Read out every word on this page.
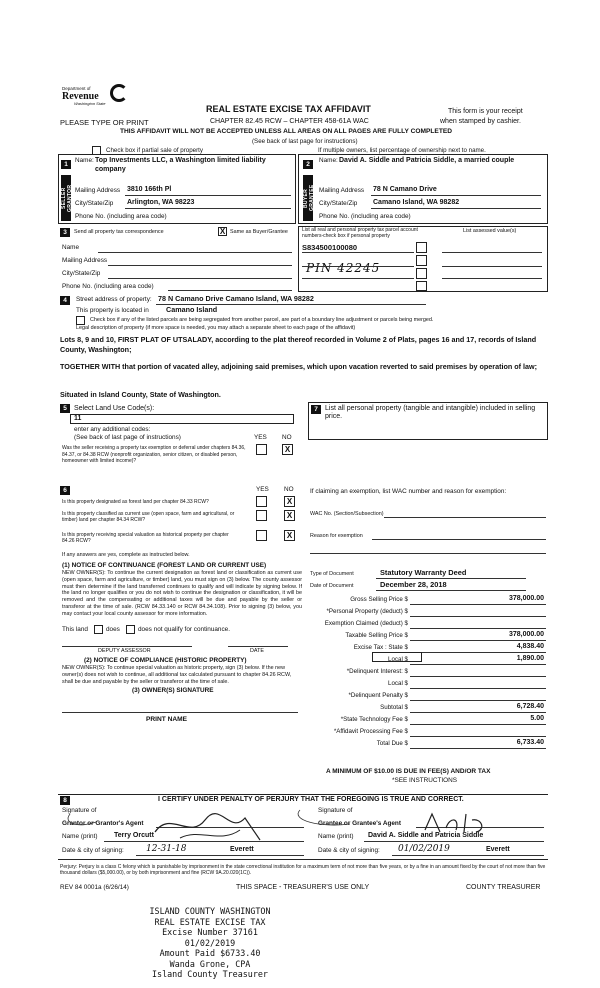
Department of
Revenue
Washington State
PLEASE TYPE OR PRINT
REAL ESTATE EXCISE TAX AFFIDAVIT
CHAPTER 82.45 RCW – CHAPTER 458-61A WAC
This form is your receipt
when stamped by cashier.
THIS AFFIDAVIT WILL NOT BE ACCEPTED UNLESS ALL AREAS ON ALL PAGES ARE FULLY COMPLETED
(See back of last page for instructions)
Check box if partial sale of property	If multiple owners, list percentage of ownership next to name.
1
SELLER GRANTOR
Name: Top Investments LLC, a Washington limited liability company
Mailing Address 3810 166th Pl
City/State/Zip Arlington, WA 98223
Phone No. (including area code)
2
BUYER GRANTEE
Name: David A. Siddle and Patricia Siddle, a married couple
Mailing Address 78 N Camano Drive
City/State/Zip Camano Island, WA 98282
Phone No. (including area code)
3	Send all property tax correspondence	X Same as Buyer/Grantee
Name
Mailing Address
City/State/Zip
Phone No. (including area code)
List all real and personal property tax parcel account numbers-check box if personal property
List assessed value(s)
S834500100080
PIN 42245
4	Street address of property: 78 N Camano Drive Camano Island, WA 98282
This property is located in Camano Island
Check box if any of the listed parcels are being segregated from another parcel, are part of a boundary line adjustment or parcels being merged.
Legal description of property (if more space is needed, you may attach a separate sheet to each page of the affidavit)
Lots 8, 9 and 10, FIRST PLAT OF UTSALADY, according to the plat thereof recorded in Volume 2 of Plats, pages 16 and 17, records of Island County, Washington;
TOGETHER WITH that portion of vacated alley, adjoining said premises, which upon vacation reverted to said premises by operation of law;
Situated in Island County, State of Washington.
5	Select Land Use Code(s):
11
enter any additional codes:
(See back of last page of instructions)	YES NO
Was the seller receiving a property tax exemption or deferral under chapters 84.36, 84.37, or 84.38 RCW (nonprofit organization, senior citizen, or disabled person, homeowner with limited income)?
X
7	List all personal property (tangible and intangible) included in selling price.
6	YES NO
Is this property designated as forest land per chapter 84.33 RCW?	X
Is this property classified as current use (open space, farm and agricultural, or timber) land per chapter 84.34 RCW?	X
Is this property receiving special valuation as historical property per chapter 84.26 RCW?
X
If any answers are yes, complete as instructed below.
(1) NOTICE OF CONTINUANCE (FOREST LAND OR CURRENT USE)
NEW OWNER(S): To continue the current designation as forest land or classification as current use (open space, farm and agriculture, or timber) land, you must sign on (3) below. The county assessor must then determine if the land transferred continues to qualify and will indicate by signing below. If the land no longer qualifies or you do not wish to continue the designation or classification, it will be removed and the compensating or additional taxes will be due and payable by the seller or transferor at the time of sale. (RCW 84.33.140 or RCW 84.34.108). Prior to signing (3) below, you may contact your local county assessor for more information.
This land	does	does not qualify for continuance.
DEPUTY ASSESSOR	DATE
(2) NOTICE OF COMPLIANCE (HISTORIC PROPERTY)
NEW OWNER(S): To continue special valuation as historic property, sign (3) below. If the new owner(s) does not wish to continue, all additional tax calculated pursuant to chapter 84.26 RCW, shall be due and payable by the seller or transferor at the time of sale.
(3) OWNER(S) SIGNATURE
PRINT NAME
If claiming an exemption, list WAC number and reason for exemption:
WAC No. (Section/Subsection)
Reason for exemption
Type of Document	Statutory Warranty Deed
Date of Document	December 28, 2018
Gross Selling Price $	378,000.00
*Personal Property (deduct) $
Exemption Claimed (deduct) $
Taxable Selling Price $	378,000.00
Excise Tax : State $	4,838.40
Local $	1,890.00
*Delinquent Interest: $
Local $
*Delinquent Penalty $
Subtotal $	6,728.40
*State Technology Fee $	5.00
*Affidavit Processing Fee $
Total Due $	6,733.40
A MINIMUM OF $10.00 IS DUE IN FEE(S) AND/OR TAX
*SEE INSTRUCTIONS
8	I CERTIFY UNDER PENALTY OF PERJURY THAT THE FOREGOING IS TRUE AND CORRECT.
Signature of
Grantor or Grantor's Agent
Signature of
Grantee or Grantee's Agent
Name (print) Terry Orcutt	Name (print) David A. Siddle and Patricia Siddle
Date & city of signing: 12-31-18	Everett	Date & city of signing: 01/02/2019	Everett
Perjury: Perjury is a class C felony which is punishable by imprisonment in the state correctional institution for a maximum term of not more than five years, or by a fine in an amount fixed by the court of not more than five thousand dollars ($5,000.00), or by both imprisonment and fine (RCW 9A.20.020(1C)).
REV 84 0001a (6/26/14)	THIS SPACE - TREASURER'S USE ONLY	COUNTY TREASURER
ISLAND COUNTY WASHINGTON
REAL ESTATE EXCISE TAX
Excise Number 37161
01/02/2019
Amount Paid $6733.40
Wanda Grone, CPA
Island County Treasurer
